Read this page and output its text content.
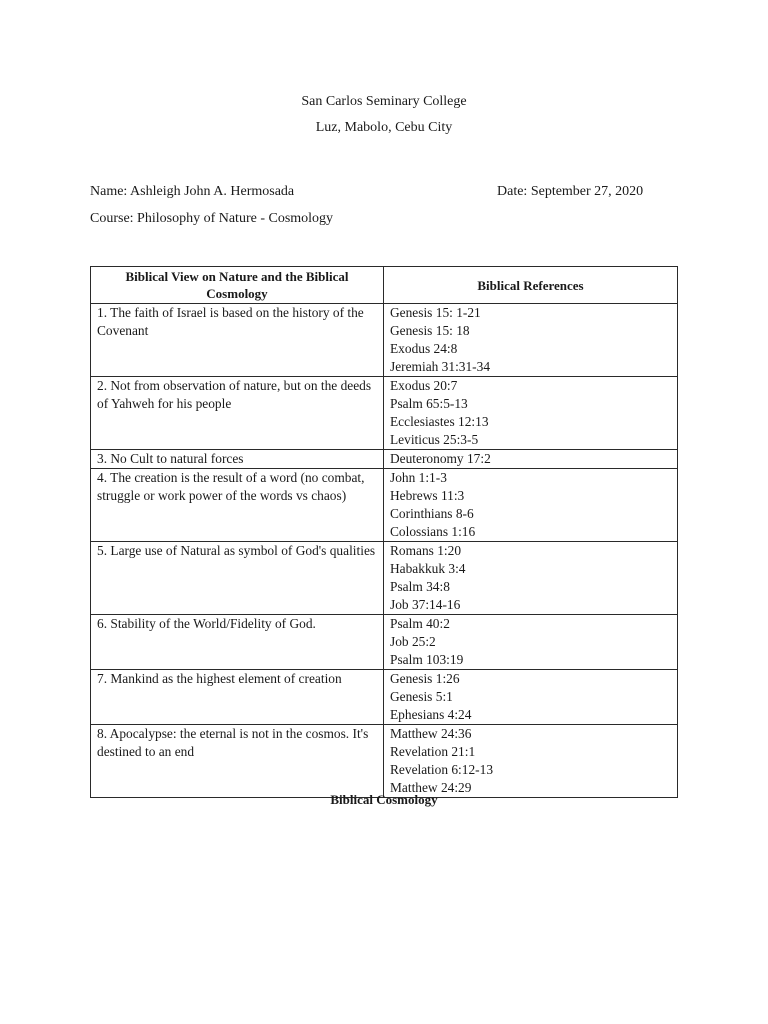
San Carlos Seminary College
Luz, Mabolo, Cebu City
Name: Ashleigh John A. Hermosada	Date: September 27, 2020
Course: Philosophy of Nature - Cosmology
Biblical View on Nature and the Biblical Cosmology	Biblical References
1. The faith of Israel is based on the history of the Covenant	Genesis 15: 1-21
Genesis 15: 18
Exodus 24:8
Jeremiah 31:31-34

2. Not from observation of nature, but on the deeds of Yahweh for his people	Exodus 20:7
Psalm 65:5-13
Ecclesiastes 12:13
Leviticus 25:3-5

3. No Cult to natural forces	Deuteronomy 17:2

4. The creation is the result of a word (no combat, struggle or work power of the words vs chaos)	John 1:1-3
Hebrews 11:3
Corinthians 8-6
Colossians 1:16

5. Large use of Natural as symbol of God's qualities	Romans 1:20
Habakkuk 3:4
Psalm 34:8
Job 37:14-16

6. Stability of the World/Fidelity of God.	Psalm 40:2
Job 25:2
Psalm 103:19

7. Mankind as the highest element of creation	Genesis 1:26
Genesis 5:1
Ephesians 4:24

8. Apocalypse: the eternal is not in the cosmos. It's destined to an end	Matthew 24:36
Revelation 21:1
Revelation 6:12-13
Matthew 24:29
Biblical Cosmology
